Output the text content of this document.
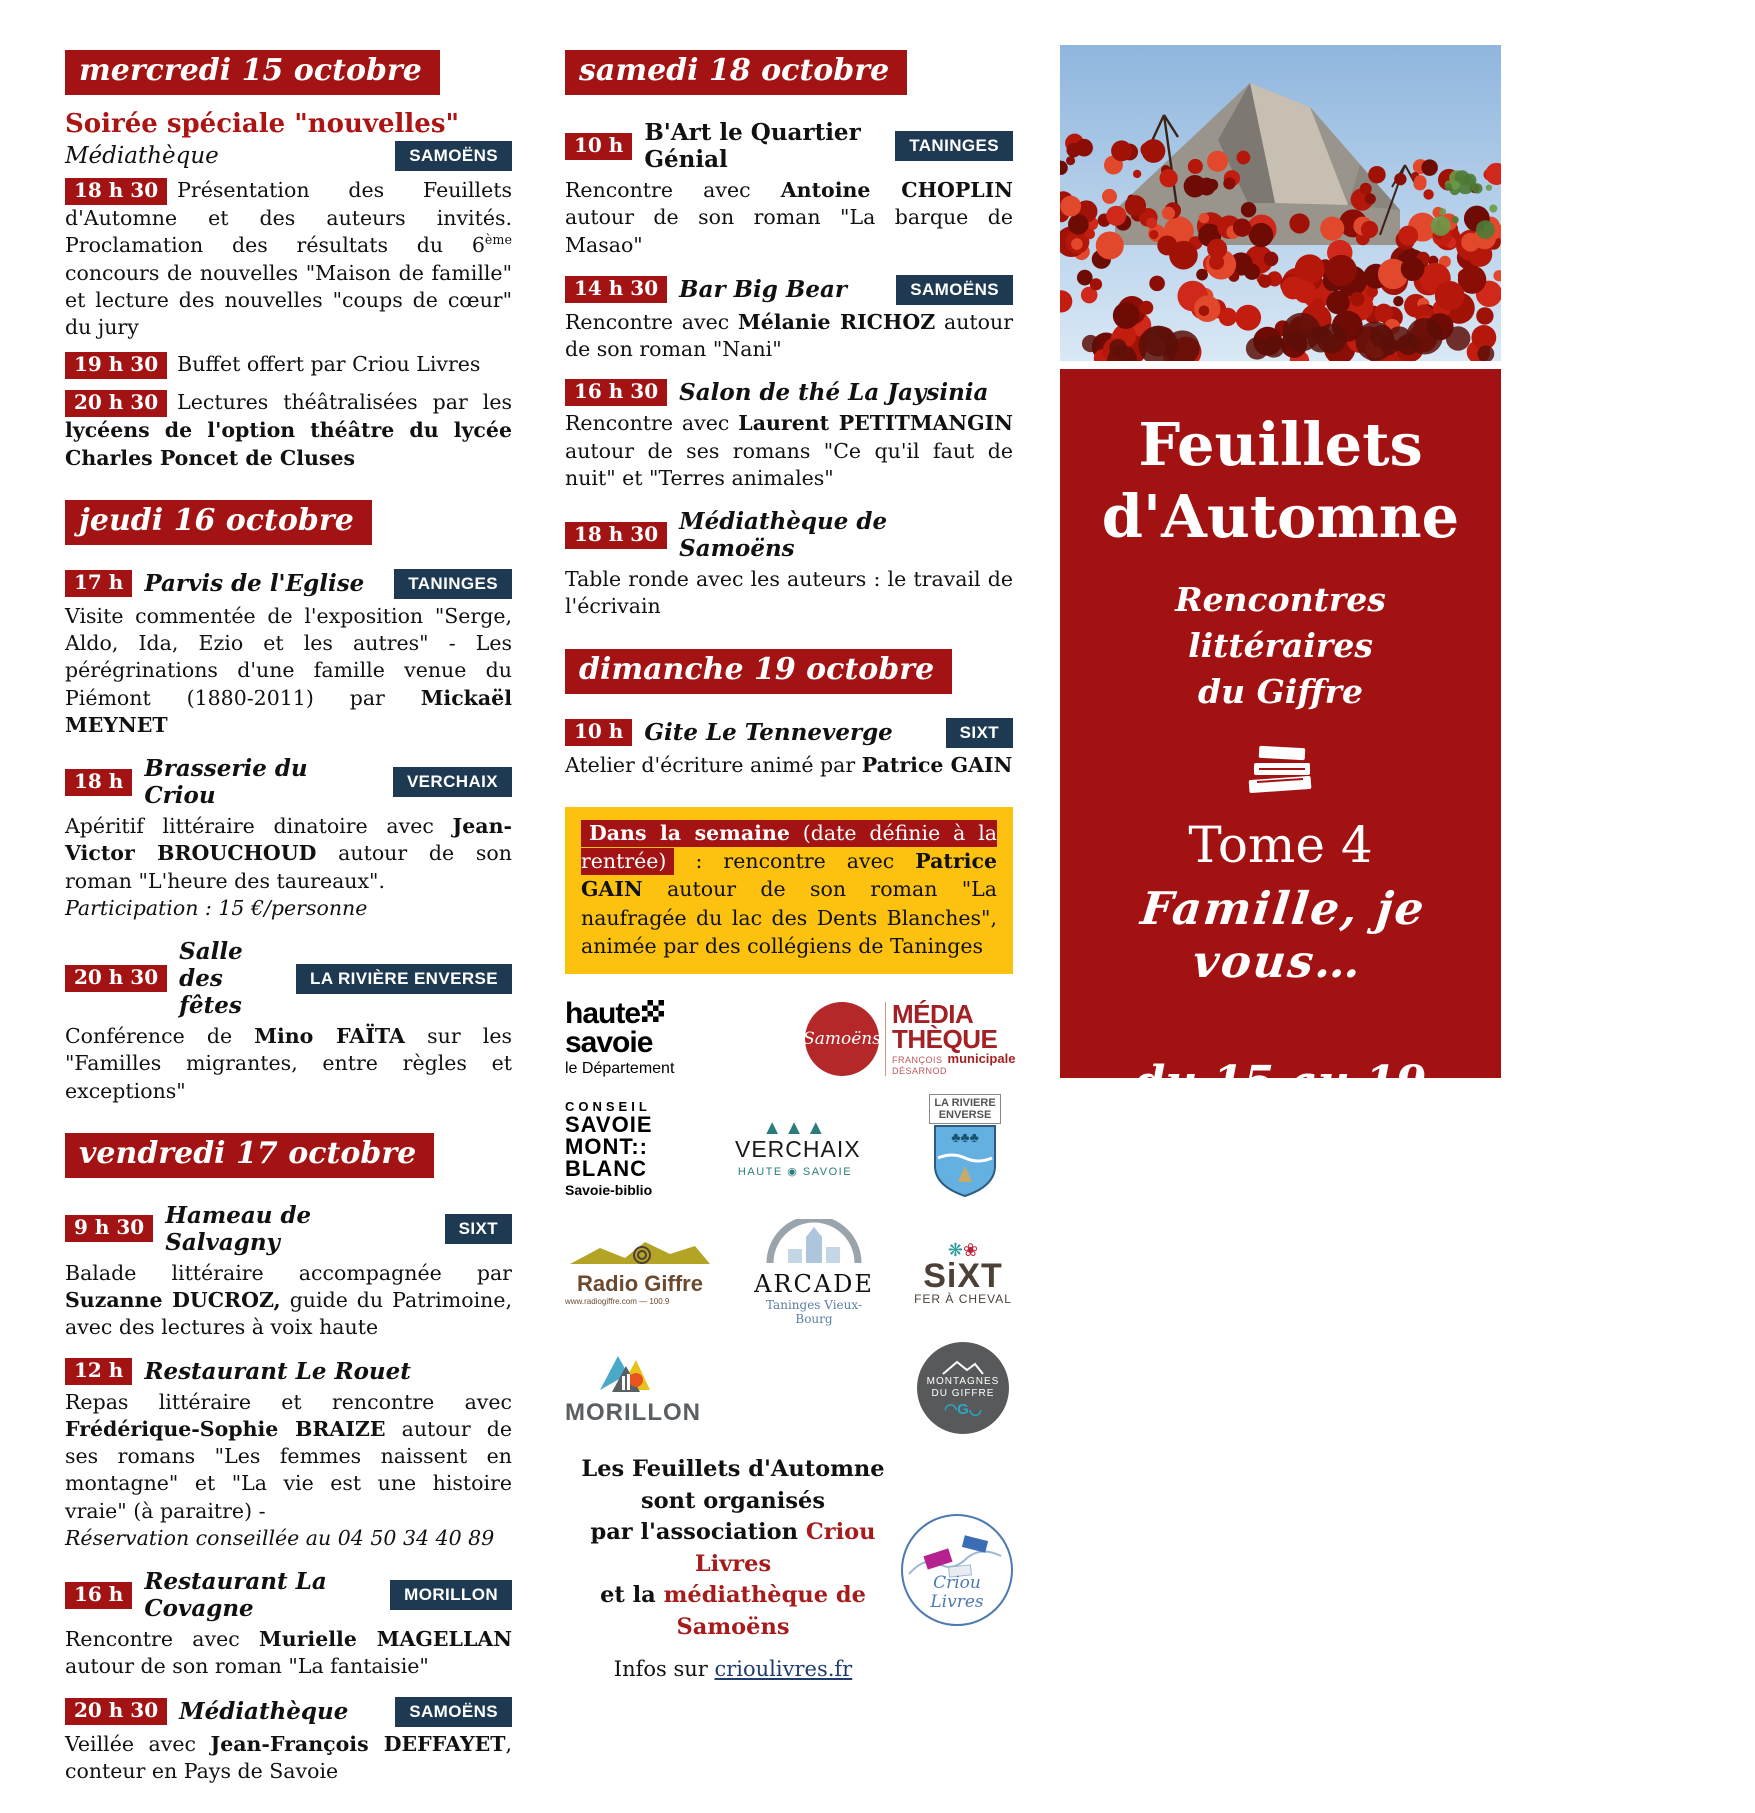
mercredi 15 octobre
Soirée spéciale "nouvelles"
Médiathèque	SAMOËNS

18 h 30 Présentation des Feuillets d'Automne et des auteurs invités. Proclamation des résultats du 6ème concours de nouvelles "Maison de famille" et lecture des nouvelles "coups de cœur" du jury

19 h 30 Buffet offert par Criou Livres

20 h 30 Lectures théâtralisées par les lycéens de l'option théâtre du lycée Charles Poncet de Cluses

jeudi 16 octobre
17 h Parvis de l'Eglise	TANINGES

Visite commentée de l'exposition "Serge, Aldo, Ida, Ezio et les autres" - Les pérégrinations d'une famille venue du Piémont (1880-2011) par Mickaël MEYNET

18 h Brasserie du Criou
VERCHAIX

Apéritif littéraire dinatoire avec Jean-Victor BROUCHOUD autour de son roman "L'heure des taureaux".
Participation : 15 €/personne

20 h 30
Salle des fêtes
LA RIVIÈRE ENVERSE

Conférence de Mino FAÏTA sur les "Familles migrantes, entre règles et exceptions"

vendredi 17 octobre
9 h 30 Hameau de Salvagny
SIXT

Balade littéraire accompagnée par Suzanne DUCROZ, guide du Patrimoine, avec des lectures à voix haute

12 h Restaurant Le Rouet

Repas littéraire et rencontre avec Frédérique-Sophie BRAIZE autour de ses romans "Les femmes naissent en montagne" et "La vie est une histoire vraie" (à paraitre) -
Réservation conseillée au 04 50 34 40 89

16 h Restaurant La Covagne
MORILLON

Rencontre avec Murielle MAGELLAN autour de son roman "La fantaisie"

20 h 30 Médiathèque	SAMOËNS

Veillée avec Jean-François DEFFAYET, conteur en Pays de Savoie

samedi 18 octobre
10 h B'Art le Quartier Génial
TANINGES

Rencontre avec Antoine CHOPLIN autour de son roman "La barque de Masao"

14 h 30 Bar Big Bear	SAMOËNS

Rencontre avec Mélanie RICHOZ autour de son roman "Nani"

16 h 30 Salon de thé La Jaysinia

Rencontre avec Laurent PETITMANGIN autour de ses romans "Ce qu'il faut de nuit" et "Terres animales"

18 h 30 Médiathèque de Samoëns

Table ronde avec les auteurs : le travail de l'écrivain

dimanche 19 octobre
10 h Gite Le Tenneverge	SIXT

Atelier d'écriture animé par Patrice GAIN

Dans la semaine (date définie à la rentrée) : rencontre avec Patrice GAIN autour de son roman "La naufragée du lac des Dents Blanches", animée par des collégiens de Taninges
haute
savoie
le Département
Samoëns
MÉDIA
THÈQUE
FRANÇOIS municipale
DÉSARNOD
CONSEIL
SAVOIE
MONT::
BLANC
Savoie-biblio
▲▲▲
VERCHAIX
HAUTE ◉ SAVOIE
LA RIVIERE
ENVERSE
♣♣♣
Radio Giffre
www.radiogiffre.com — 100.9
ARCADE
Taninges Vieux-Bourg
❋❀
SiXT
FER À CHEVAL
MORILLON
MONTAGNES
DU GIFFRE
◠G◡
Les Feuillets d'Automne
sont organisés
par l'association Criou Livres
et la médiathèque de Samoëns
Infos sur crioulivres.fr
Criou
Livres
Feuillets
d'Automne
Rencontres littéraires
du Giffre
Tome 4
Famille, je vous…
du 15 au 19 octobre
2025
